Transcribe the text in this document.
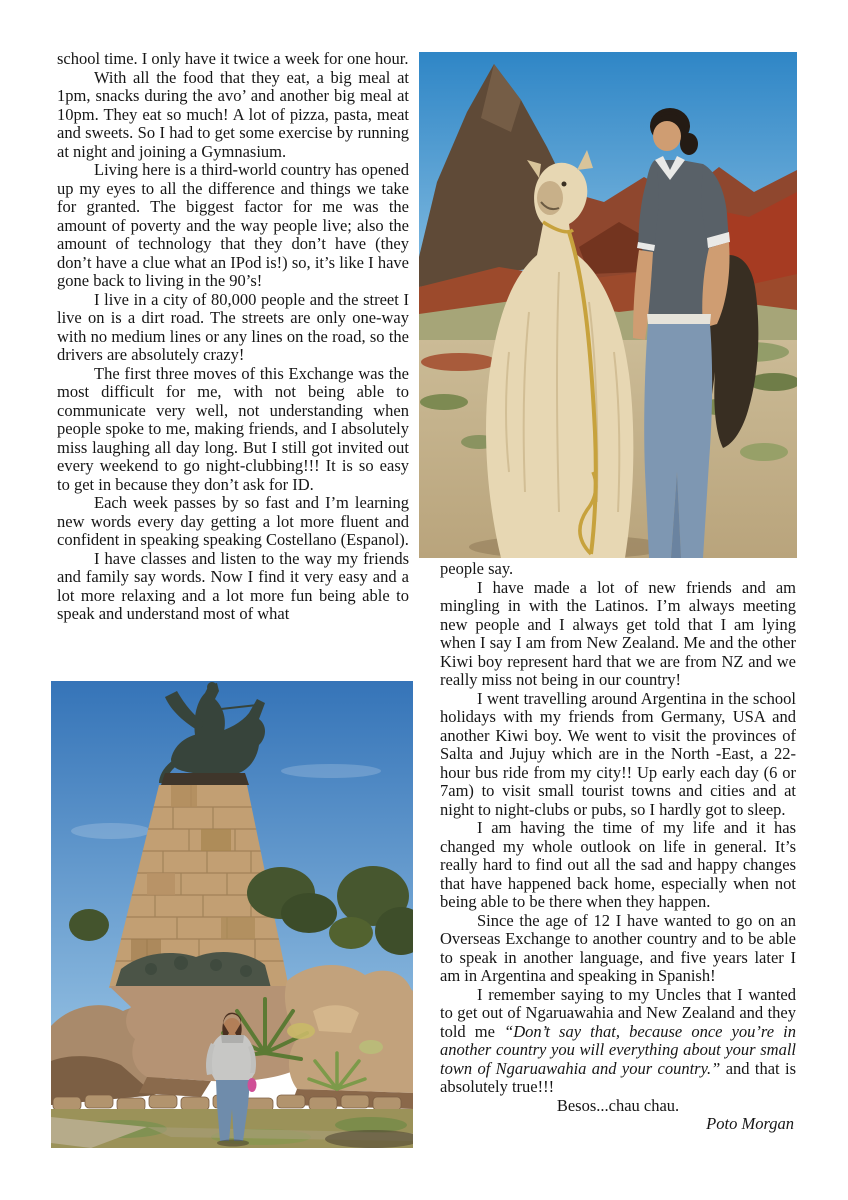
school time. I only have it twice a week for one hour.

With all the food that they eat, a big meal at 1pm, snacks during the avo’ and another big meal at 10pm. They eat so much! A lot of pizza, pasta, meat and sweets. So I had to get some exercise by running at night and joining a Gymnasium.

Living here is a third-world country has opened up my eyes to all the difference and things we take for granted. The biggest factor for me was the amount of poverty and the way people live; also the amount of technology that they don’t have (they don’t have a clue what an IPod is!) so, it’s like I have gone back to living in the 90’s!

I live in a city of 80,000 people and the street I live on is a dirt road. The streets are only one-way with no medium lines or any lines on the road, so the drivers are absolutely crazy!

The first three moves of this Exchange was the most difficult for me, with not being able to communicate very well, not understanding when people spoke to me, making friends, and I absolutely miss laughing all day long. But I still got invited out every weekend to go night-clubbing!!! It is so easy to get in because they don’t ask for ID.

Each week passes by so fast and I’m learning new words every day getting a lot more fluent and confident in speaking speaking Costellano (Espanol).

I have classes and listen to the way my friends and family say words. Now I find it very easy and a lot more relaxing and a lot more fun being able to speak and understand most of what

people say.

I have made a lot of new friends and am mingling in with the Latinos. I’m always meeting new people and I always get told that I am lying when I say I am from New Zealand. Me and the other Kiwi boy represent hard that we are from NZ and we really miss not being in our country!

I went travelling around Argentina in the school holidays with my friends from Germany, USA and another Kiwi boy. We went to visit the provinces of Salta and Jujuy which are in the North -East, a 22-hour bus ride from my city!! Up early each day (6 or 7am) to visit small tourist towns and cities and at night to night-clubs or pubs, so I hardly got to sleep.

I am having the time of my life and it has changed my whole outlook on life in general. It’s really hard to find out all the sad and happy changes that have happened back home, especially when not being able to be there when they happen.

Since the age of 12 I have wanted to go on an Overseas Exchange to another country and to be able to speak in another language, and five years later I am in Argentina and speaking in Spanish!

I remember saying to my Uncles that I wanted to get out of Ngaruawahia and New Zealand and they told me “Don’t say that, because once you’re in another country you will everything about your small town of Ngaruawahia and your country.” and that is absolutely true!!!

Besos...chau chau.

Poto Morgan
